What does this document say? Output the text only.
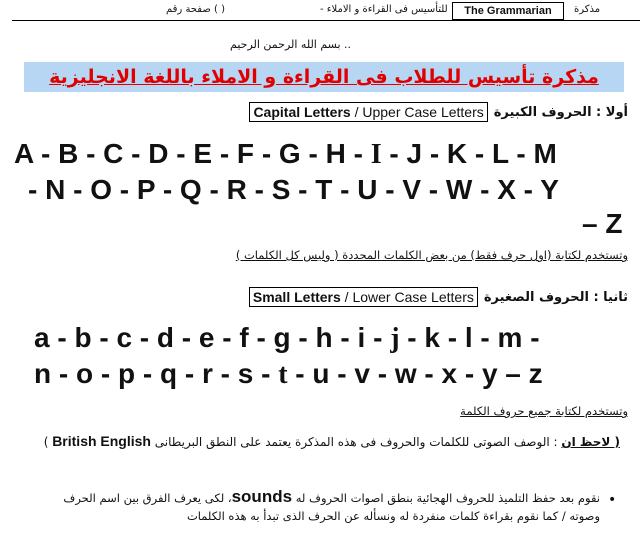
صفحة رقم ( )	- للتأسيس فى القراءة و الاملاء	The Grammarian	مذكرة
بسم الله الرحمن الرحيم ..
مذكرة تأسيس للطلاب فى القراءة و الاملاء باللغة الانجليزية
أولا : الحروف الكبيرة
Capital Letters / Upper Case Letters
A - B - C - D - E - F - G - H - I - J - K - L - M
- N - O - P - Q - R - S - T - U - V - W - X - Y
– Z
وتستخدم لكتابة (اول حرف فقط) من بعض الكلمات المحددة ( وليس كل الكلمات )
ثانيا : الحروف الصغيرة
Small Letters / Lower Case Letters
a - b - c - d - e - f - g - h - i - j - k - l - m -
n - o - p - q - r - s - t - u - v - w - x - y – z
وتستخدم لكتابة جميع حروف الكلمة
( لاحظ ان : الوصف الصوتى للكلمات والحروف فى هذه المذكرة يعتمد على النطق البريطانى British English )
•
نقوم بعد حفظ التلميذ للحروف الهجائية بنطق اصوات الحروف له sounds، لكى يعرف الفرق بين اسم الحرف وصوته / كما نقوم بقراءة كلمات منفردة له ونسأله عن الحرف الذى تبدأ به هذه الكلمات
